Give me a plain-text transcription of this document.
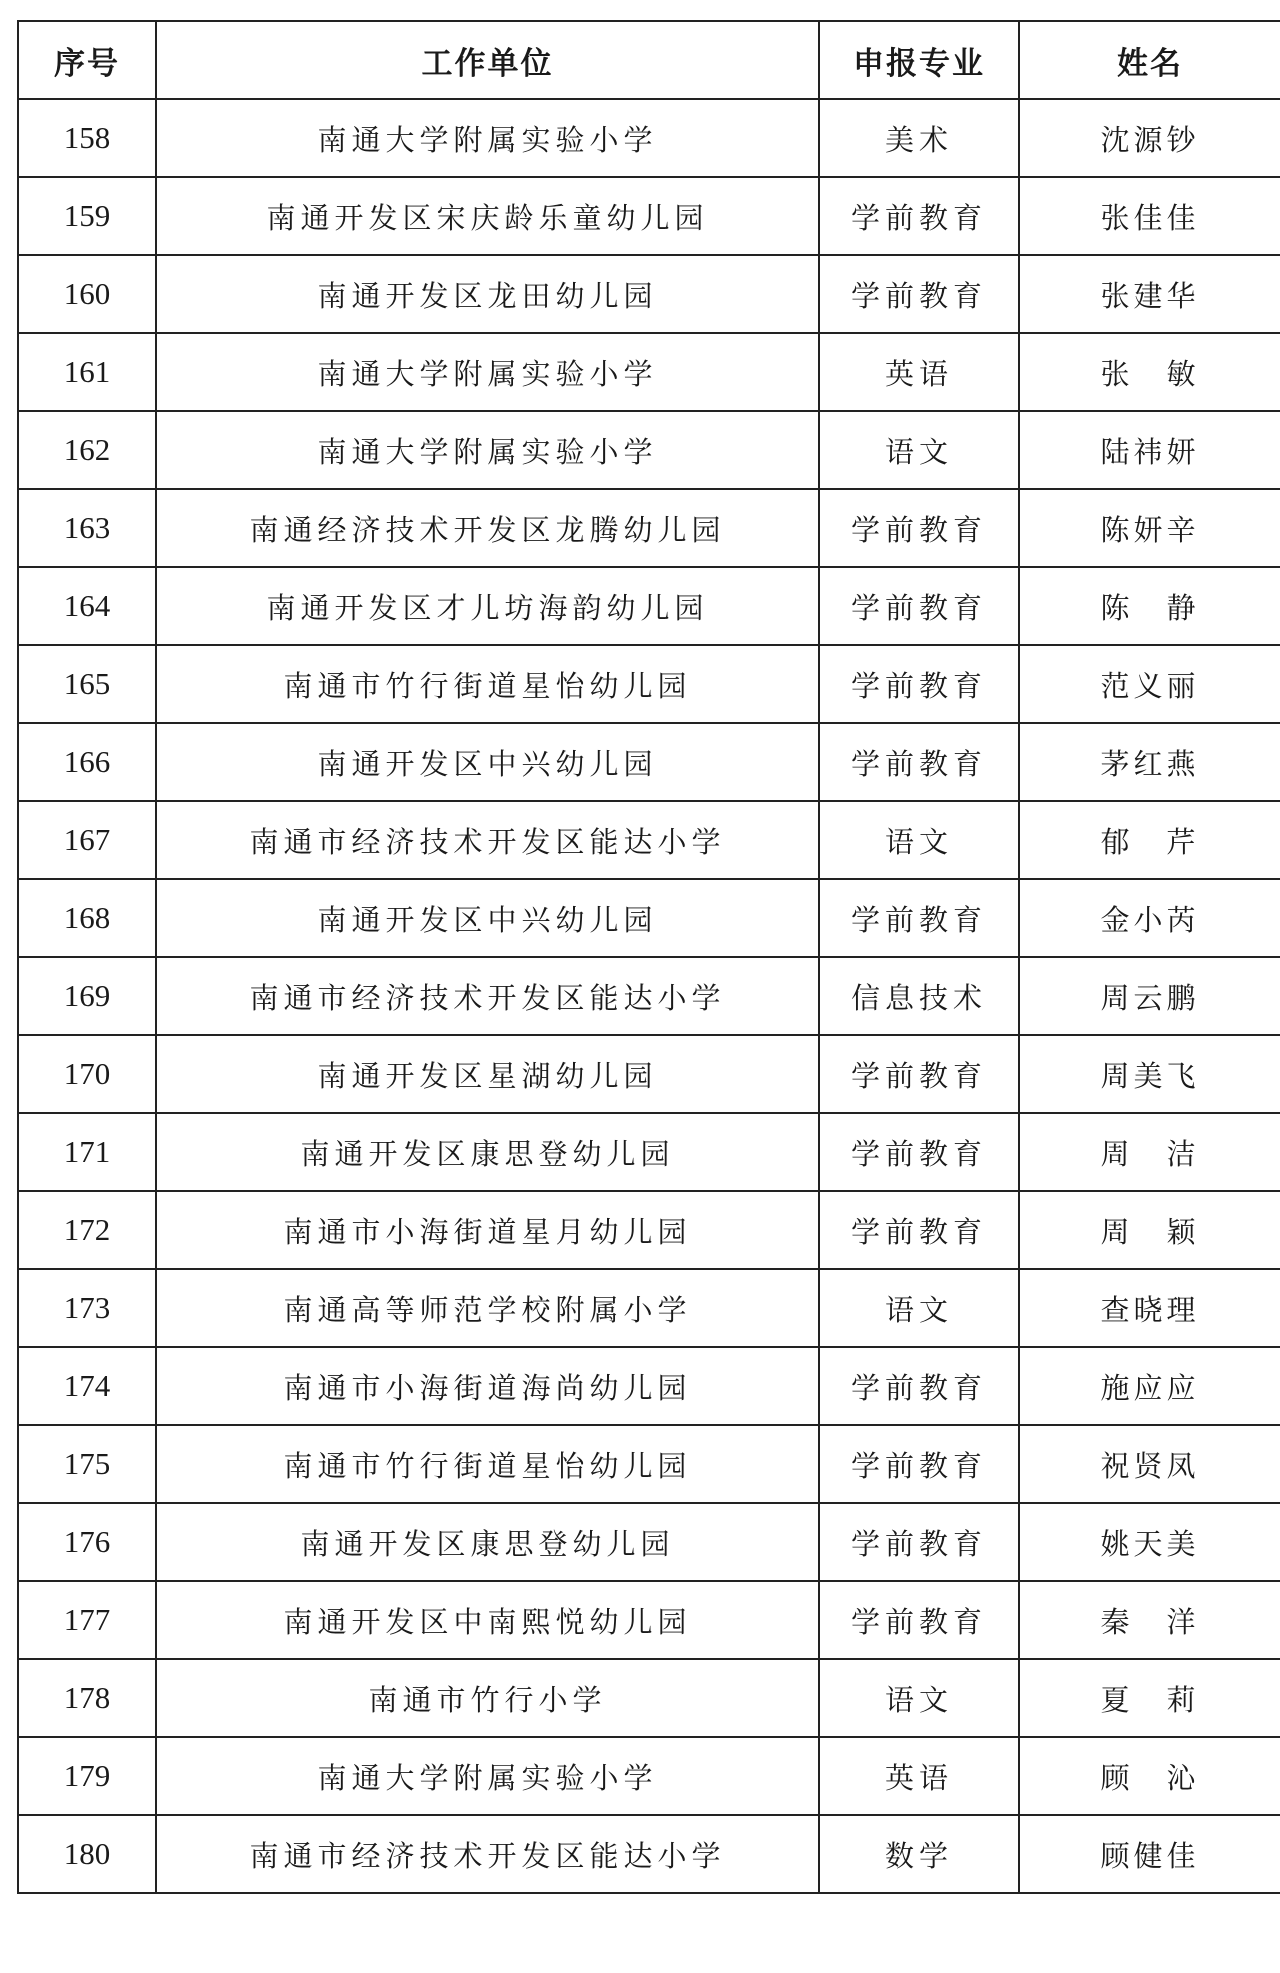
序号	工作单位	申报专业	姓名
158	南通大学附属实验小学	美术	沈源钞
159	南通开发区宋庆龄乐童幼儿园	学前教育	张佳佳
160	南通开发区龙田幼儿园	学前教育	张建华
161	南通大学附属实验小学	英语	张　敏
162	南通大学附属实验小学	语文	陆祎妍
163	南通经济技术开发区龙腾幼儿园	学前教育	陈妍辛
164	南通开发区才儿坊海韵幼儿园	学前教育	陈　静
165	南通市竹行街道星怡幼儿园	学前教育	范义丽
166	南通开发区中兴幼儿园	学前教育	茅红燕
167	南通市经济技术开发区能达小学	语文	郁　芹
168	南通开发区中兴幼儿园	学前教育	金小芮
169	南通市经济技术开发区能达小学	信息技术	周云鹏
170	南通开发区星湖幼儿园	学前教育	周美飞
171	南通开发区康思登幼儿园	学前教育	周　洁
172	南通市小海街道星月幼儿园	学前教育	周　颖
173	南通高等师范学校附属小学	语文	查晓理
174	南通市小海街道海尚幼儿园	学前教育	施应应
175	南通市竹行街道星怡幼儿园	学前教育	祝贤凤
176	南通开发区康思登幼儿园	学前教育	姚天美
177	南通开发区中南熙悦幼儿园	学前教育	秦　洋
178	南通市竹行小学	语文	夏　莉
179	南通大学附属实验小学	英语	顾　沁
180	南通市经济技术开发区能达小学	数学	顾健佳
